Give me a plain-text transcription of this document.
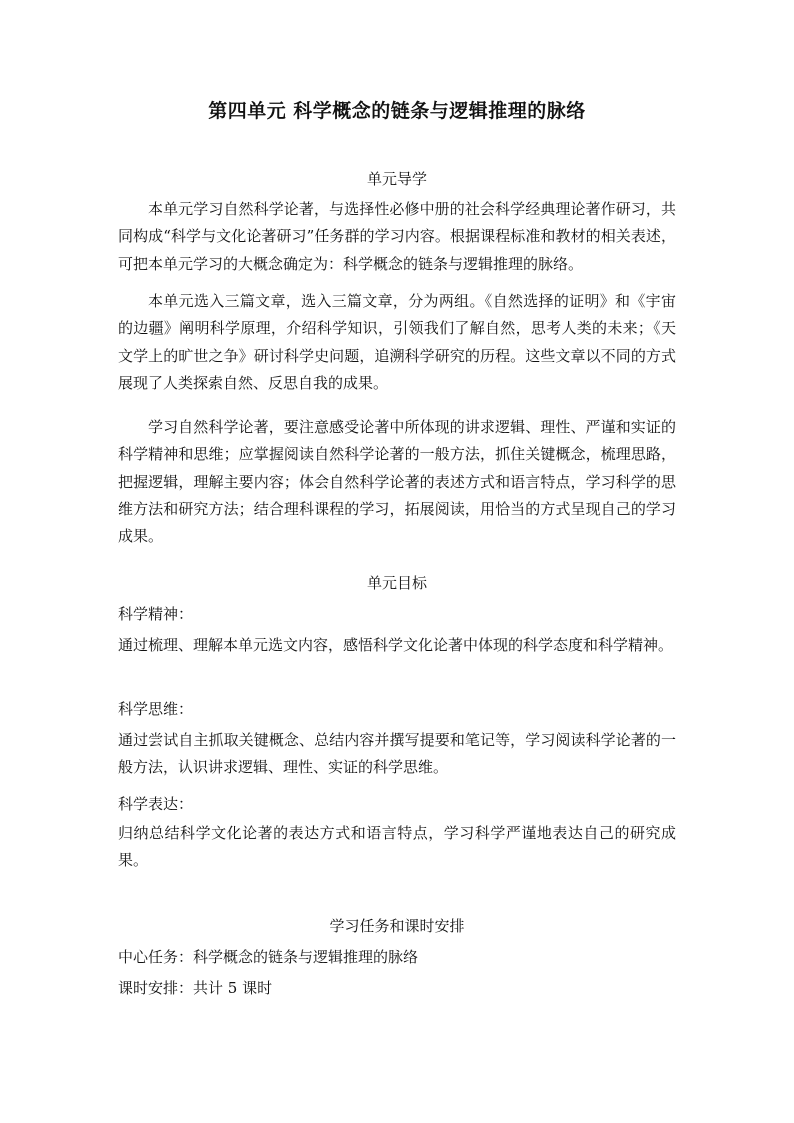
第四单元 科学概念的链条与逻辑推理的脉络
单元导学

本单元学习自然科学论著，与选择性必修中册的社会科学经典理论著作研习，共同构成“科学与文化论著研习”任务群的学习内容。根据课程标准和教材的相关表述，可把本单元学习的大概念确定为：科学概念的链条与逻辑推理的脉络。

本单元选入三篇文章，选入三篇文章，分为两组。《自然选择的证明》和《宇宙的边疆》阐明科学原理，介绍科学知识，引领我们了解自然，思考人类的未来；《天文学上的旷世之争》研讨科学史问题，追溯科学研究的历程。这些文章以不同的方式展现了人类探索自然、反思自我的成果。

学习自然科学论著，要注意感受论著中所体现的讲求逻辑、理性、严谨和实证的科学精神和思维；应掌握阅读自然科学论著的一般方法，抓住关键概念，梳理思路，把握逻辑，理解主要内容；体会自然科学论著的表述方式和语言特点，学习科学的思维方法和研究方法；结合理科课程的学习，拓展阅读，用恰当的方式呈现自己的学习成果。

单元目标
科学精神：

通过梳理、理解本单元选文内容，感悟科学文化论著中体现的科学态度和科学精神。

科学思维：

通过尝试自主抓取关键概念、总结内容并撰写提要和笔记等，学习阅读科学论著的一般方法，认识讲求逻辑、理性、实证的科学思维。

科学表达：

归纳总结科学文化论著的表达方式和语言特点，学习科学严谨地表达自己的研究成果。

学习任务和课时安排
中心任务：科学概念的链条与逻辑推理的脉络
课时安排：共计 5 课时
